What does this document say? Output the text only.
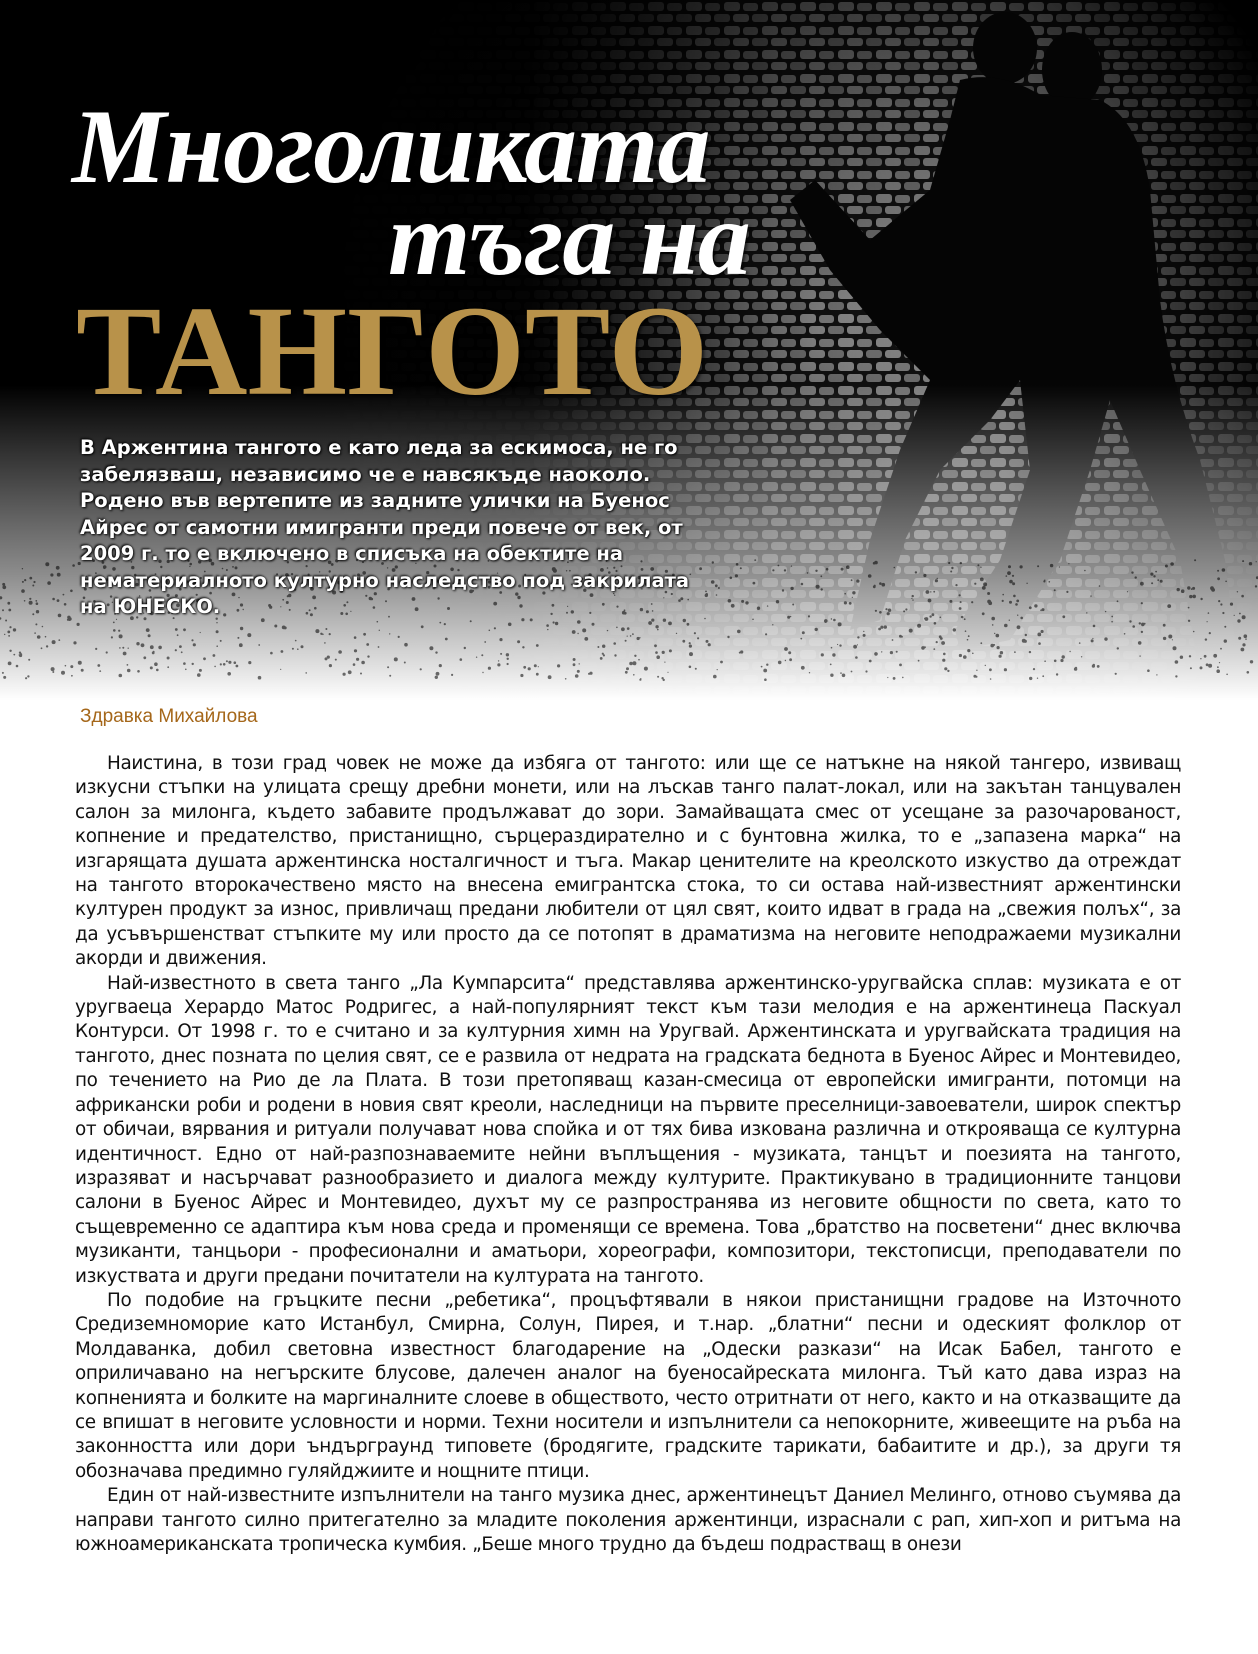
Многоликата
тъга на
ТАНГОТО
В Аржентина тангото е като леда за ескимоса, не го забелязваш, независимо че е навсякъде наоколо. Родено във вертепите из задните улички на Буенос Айрес от самотни имигранти преди повече от век, от 2009 г. то е включено в списъка на обектите на нематериалното културно наследство под закрилата на ЮНЕСКО.
Здравка Михайлова

Наистина, в този град човек не може да избяга от тангото: или ще се натъкне на някой тангеро, извиващ изкусни стъпки на улицата срещу дребни монети, или на лъскав танго палат-локал, или на закътан танцувален салон за милонга, където забавите продължават до зори. Замайващата смес от усещане за разочарованост, копнение и предателство, пристанищно, сърцераздирателно и с бунтовна жилка, то е „запазена марка“ на изгарящата душата аржентинска носталгичност и тъга. Макар ценителите на креолското изкуство да отреждат на тангото второкачествено място на внесена емигрантска стока, то си остава най-известният аржентински културен продукт за износ, привличащ предани любители от цял свят, които идват в града на „свежия полъх“, за да усъвършенстват стъпките му или просто да се потопят в драматизма на неговите неподражаеми музикални акорди и движения.

Най-известното в света танго „Ла Кумпарсита“ представлява аржентинско-уругвайска сплав: музиката е от уругваеца Херардо Матос Родригес, а най-популярният текст към тази мелодия е на аржентинеца Паскуал Контурси. От 1998 г. то е считано и за културния химн на Уругвай. Аржентинската и уругвайската традиция на тангото, днес позната по целия свят, се е развила от недрата на градската беднота в Буенос Айрес и Монтевидео, по течението на Рио де ла Плата. В този претопяващ казан-смесица от европейски имигранти, потомци на африкански роби и родени в новия свят креоли, наследници на първите преселници-завоеватели, широк спектър от обичаи, вярвания и ритуали получават нова спойка и от тях бива изкована различна и открояваща се културна идентичност. Едно от най-разпознаваемите нейни въплъщения - музиката, танцът и поезията на тангото, изразяват и насърчават разнообразието и диалога между културите. Практикувано в традиционните танцови салони в Буенос Айрес и Монтевидео, духът му се разпространява из неговите общности по света, като то същевременно се адаптира към нова среда и променящи се времена. Това „братство на посветени“ днес включва музиканти, танцьори - професионални и аматьори, хореографи, композитори, текстописци, преподаватели по изкуствата и други предани почитатели на културата на тангото.

По подобие на гръцките песни „ребетика“, процъфтявали в някои пристанищни градове на Източното Средиземноморие като Истанбул, Смирна, Солун, Пирея, и т.нар. „блатни“ песни и одеският фолклор от Молдаванка, добил световна известност благодарение на „Одески разкази“ на Исак Бабел, тангото е оприличавано на негърските блусове, далечен аналог на буеносайреската милонга. Тъй като дава израз на копненията и болките на маргиналните слоеве в обществото, често отритнати от него, както и на отказващите да се впишат в неговите условности и норми. Техни носители и изпълнители са непокорните, живеещите на ръба на законността или дори ъндърграунд типовете (бродягите, градските тарикати, бабаитите и др.), за други тя обозначава предимно гуляйджиите и нощните птици.

Един от най-известните изпълнители на танго музика днес, аржентинецът Даниел Мелинго, отново съумява да направи тангото силно притегателно за младите поколения аржентинци, израснали с рап, хип-хоп и ритъма на южноамериканската тропическа кумбия. „Беше много трудно да бъдеш подрастващ в онези
